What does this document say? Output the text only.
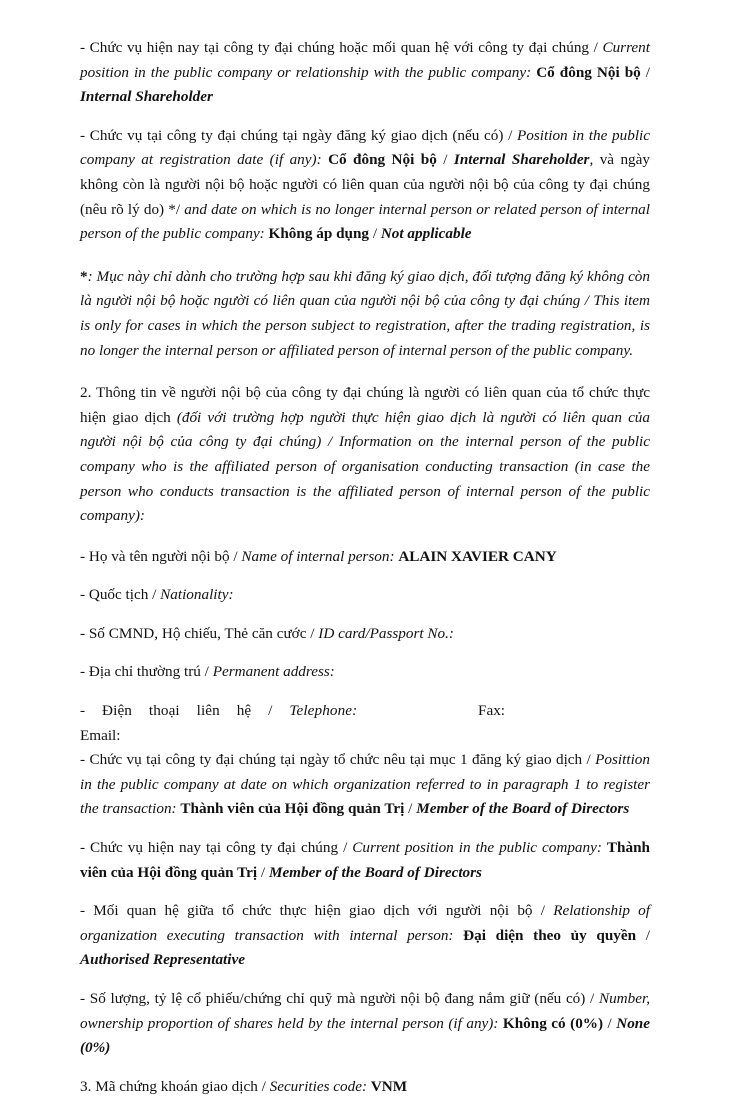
- Chức vụ hiện nay tại công ty đại chúng hoặc mối quan hệ với công ty đại chúng / Current position in the public company or relationship with the public company: Cổ đông Nội bộ / Internal Shareholder

- Chức vụ tại công ty đại chúng tại ngày đăng ký giao dịch (nếu có) / Position in the public company at registration date (if any): Cổ đông Nội bộ / Internal Shareholder, và ngày không còn là người nội bộ hoặc người có liên quan của người nội bộ của công ty đại chúng (nêu rõ lý do) */ and date on which is no longer internal person or related person of internal person of the public company: Không áp dụng / Not applicable

*: Mục này chỉ dành cho trường hợp sau khi đăng ký giao dịch, đối tượng đăng ký không còn là người nội bộ hoặc người có liên quan của người nội bộ của công ty đại chúng / This item is only for cases in which the person subject to registration, after the trading registration, is no longer the internal person or affiliated person of internal person of the public company.

2. Thông tin về người nội bộ của công ty đại chúng là người có liên quan của tổ chức thực hiện giao dịch (đối với trường hợp người thực hiện giao dịch là người có liên quan của người nội bộ của công ty đại chúng) / Information on the internal person of the public company who is the affiliated person of organisation conducting transaction (in case the person who conducts transaction is the affiliated person of internal person of the public company):

- Họ và tên người nội bộ / Name of internal person: ALAIN XAVIER CANY

- Quốc tịch / Nationality:

- Số CMND, Hộ chiếu, Thẻ căn cước / ID card/Passport No.:

- Địa chỉ thường trú / Permanent address:

- Điện thoại liên hệ / Telephone:	Fax:

Email:

- Chức vụ tại công ty đại chúng tại ngày tổ chức nêu tại mục 1 đăng ký giao dịch / Posittion in the public company at date on which organization referred to in paragraph 1 to register the transaction: Thành viên của Hội đồng quản Trị / Member of the Board of Directors

- Chức vụ hiện nay tại công ty đại chúng / Current position in the public company: Thành viên của Hội đồng quản Trị / Member of the Board of Directors

- Mối quan hệ giữa tổ chức thực hiện giao dịch với người nội bộ / Relationship of organization executing transaction with internal person: Đại diện theo ủy quyền / Authorised Representative

- Số lượng, tỷ lệ cổ phiếu/chứng chỉ quỹ mà người nội bộ đang nắm giữ (nếu có) / Number, ownership proportion of shares held by the internal person (if any): Không có (0%) / None (0%)

3. Mã chứng khoán giao dịch / Securities code: VNM
